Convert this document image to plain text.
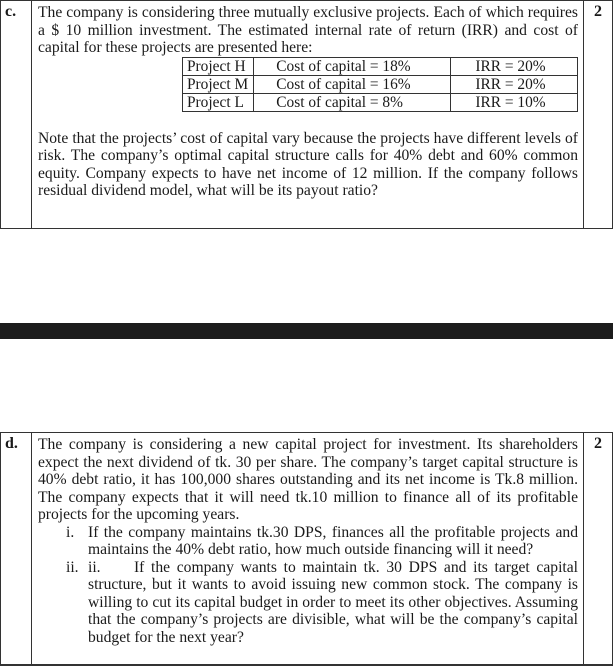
c.	The company is considering three mutually exclusive projects. Each of which requires a $ 10 million investment. The estimated internal rate of return (IRR) and cost of capital for these projects are presented here:

Project H	Cost of capital = 18%	IRR = 20%
Project M	Cost of capital = 16%	IRR = 20%
Project L	Cost of capital = 8%	IRR = 10%

Note that the projects’ cost of capital vary because the projects have different levels of risk. The company’s optimal capital structure calls for 40% debt and 60% common equity. Company expects to have net income of 12 million. If the company follows residual dividend model, what will be its payout ratio?

2
d.	The company is considering a new capital project for investment. Its shareholders expect the next dividend of tk. 30 per share. The company’s target capital structure is 40% debt ratio, it has 100,000 shares outstanding and its net income is Tk.8 million. The company expects that it will need tk.10 million to finance all of its profitable projects for the upcoming years.

i. If the company maintains tk.30 DPS, finances all the profitable projects and maintains the 40% debt ratio, how much outside financing will it need?

ii. ii.     If the company wants to maintain tk. 30 DPS and its target capital structure, but it wants to avoid issuing new common stock. The company is willing to cut its capital budget in order to meet its other objectives. Assuming that the company’s projects are divisible, what will be the company’s capital budget for the next year?

2
